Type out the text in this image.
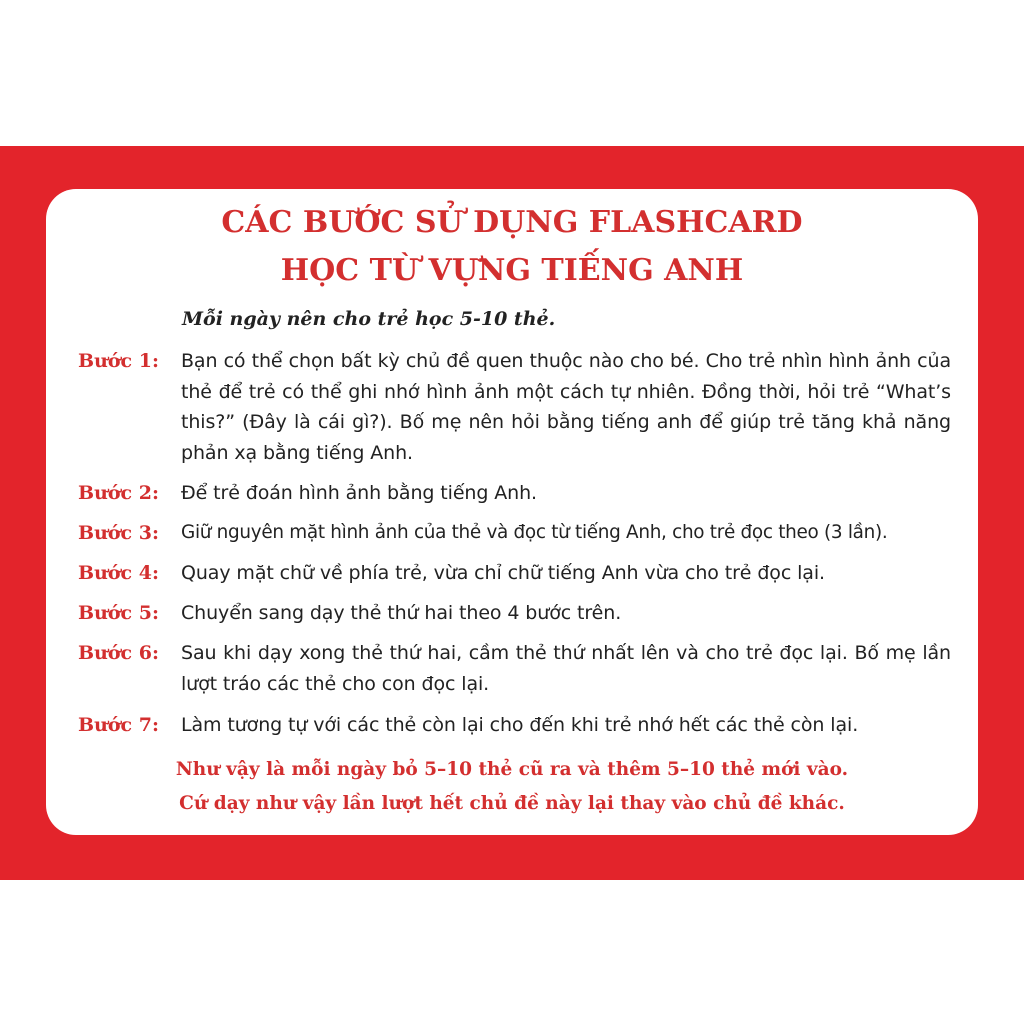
CÁC BƯỚC SỬ DỤNG FLASHCARD
HỌC TỪ VỰNG TIẾNG ANH
Mỗi ngày nên cho trẻ học 5-10 thẻ.
Bước 1: Bạn có thể chọn bất kỳ chủ đề quen thuộc nào cho bé. Cho trẻ nhìn hình ảnh của thẻ để trẻ có thể ghi nhớ hình ảnh một cách tự nhiên. Đồng thời, hỏi trẻ “What’s this?” (Đây là cái gì?). Bố mẹ nên hỏi bằng tiếng anh để giúp trẻ tăng khả năng phản xạ bằng tiếng Anh.
Bước 2: Để trẻ đoán hình ảnh bằng tiếng Anh.
Bước 3: Giữ nguyên mặt hình ảnh của thẻ và đọc từ tiếng Anh, cho trẻ đọc theo (3 lần).
Bước 4: Quay mặt chữ về phía trẻ, vừa chỉ chữ tiếng Anh vừa cho trẻ đọc lại.
Bước 5: Chuyển sang dạy thẻ thứ hai theo 4 bước trên.
Bước 6: Sau khi dạy xong thẻ thứ hai, cầm thẻ thứ nhất lên và cho trẻ đọc lại. Bố mẹ lần lượt tráo các thẻ cho con đọc lại.
Bước 7: Làm tương tự với các thẻ còn lại cho đến khi trẻ nhớ hết các thẻ còn lại.
Như vậy là mỗi ngày bỏ 5–10 thẻ cũ ra và thêm 5–10 thẻ mới vào.
Cứ dạy như vậy lần lượt hết chủ đề này lại thay vào chủ đề khác.
